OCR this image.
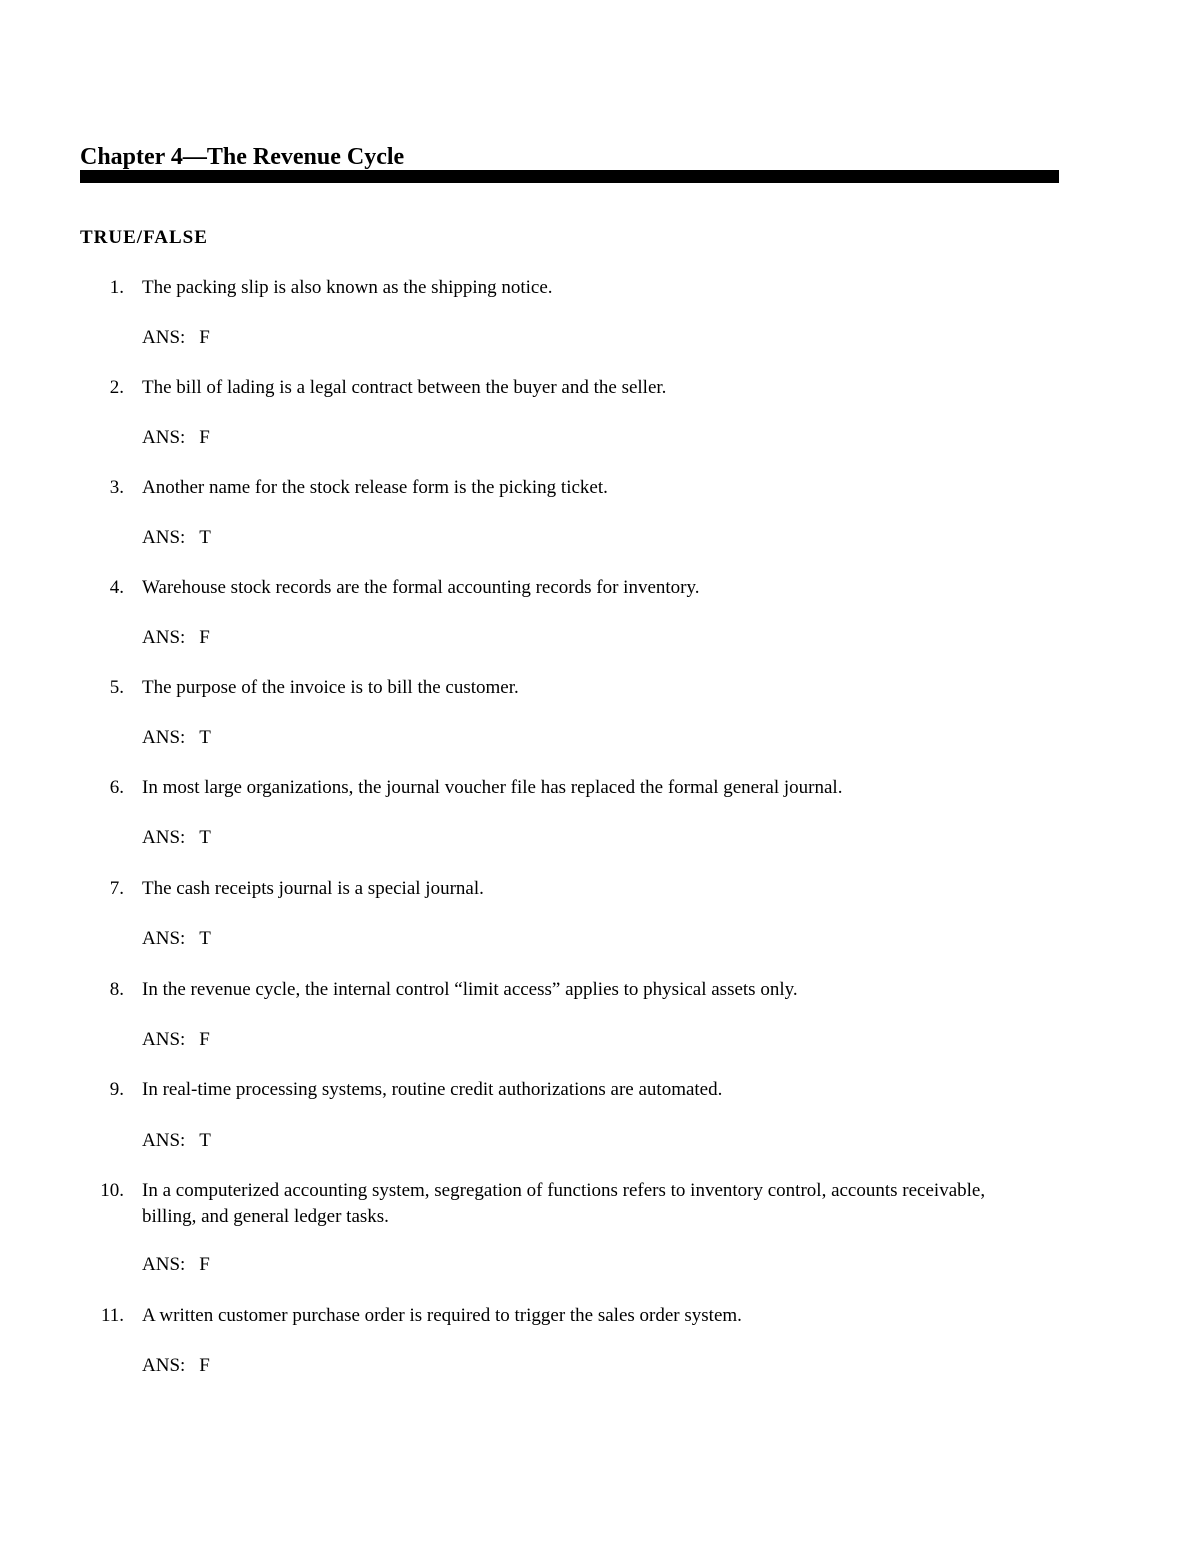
Chapter 4—The Revenue Cycle
TRUE/FALSE
1. The packing slip is also known as the shipping notice.
ANS: F
2. The bill of lading is a legal contract between the buyer and the seller.
ANS: F
3. Another name for the stock release form is the picking ticket.
ANS: T
4. Warehouse stock records are the formal accounting records for inventory.
ANS: F
5. The purpose of the invoice is to bill the customer.
ANS: T
6. In most large organizations, the journal voucher file has replaced the formal general journal.
ANS: T
7. The cash receipts journal is a special journal.
ANS: T
8. In the revenue cycle, the internal control “limit access” applies to physical assets only.
ANS: F
9. In real-time processing systems, routine credit authorizations are automated.
ANS: T
10. In a computerized accounting system, segregation of functions refers to inventory control, accounts receivable, billing, and general ledger tasks.
ANS: F
11. A written customer purchase order is required to trigger the sales order system.
ANS: F
